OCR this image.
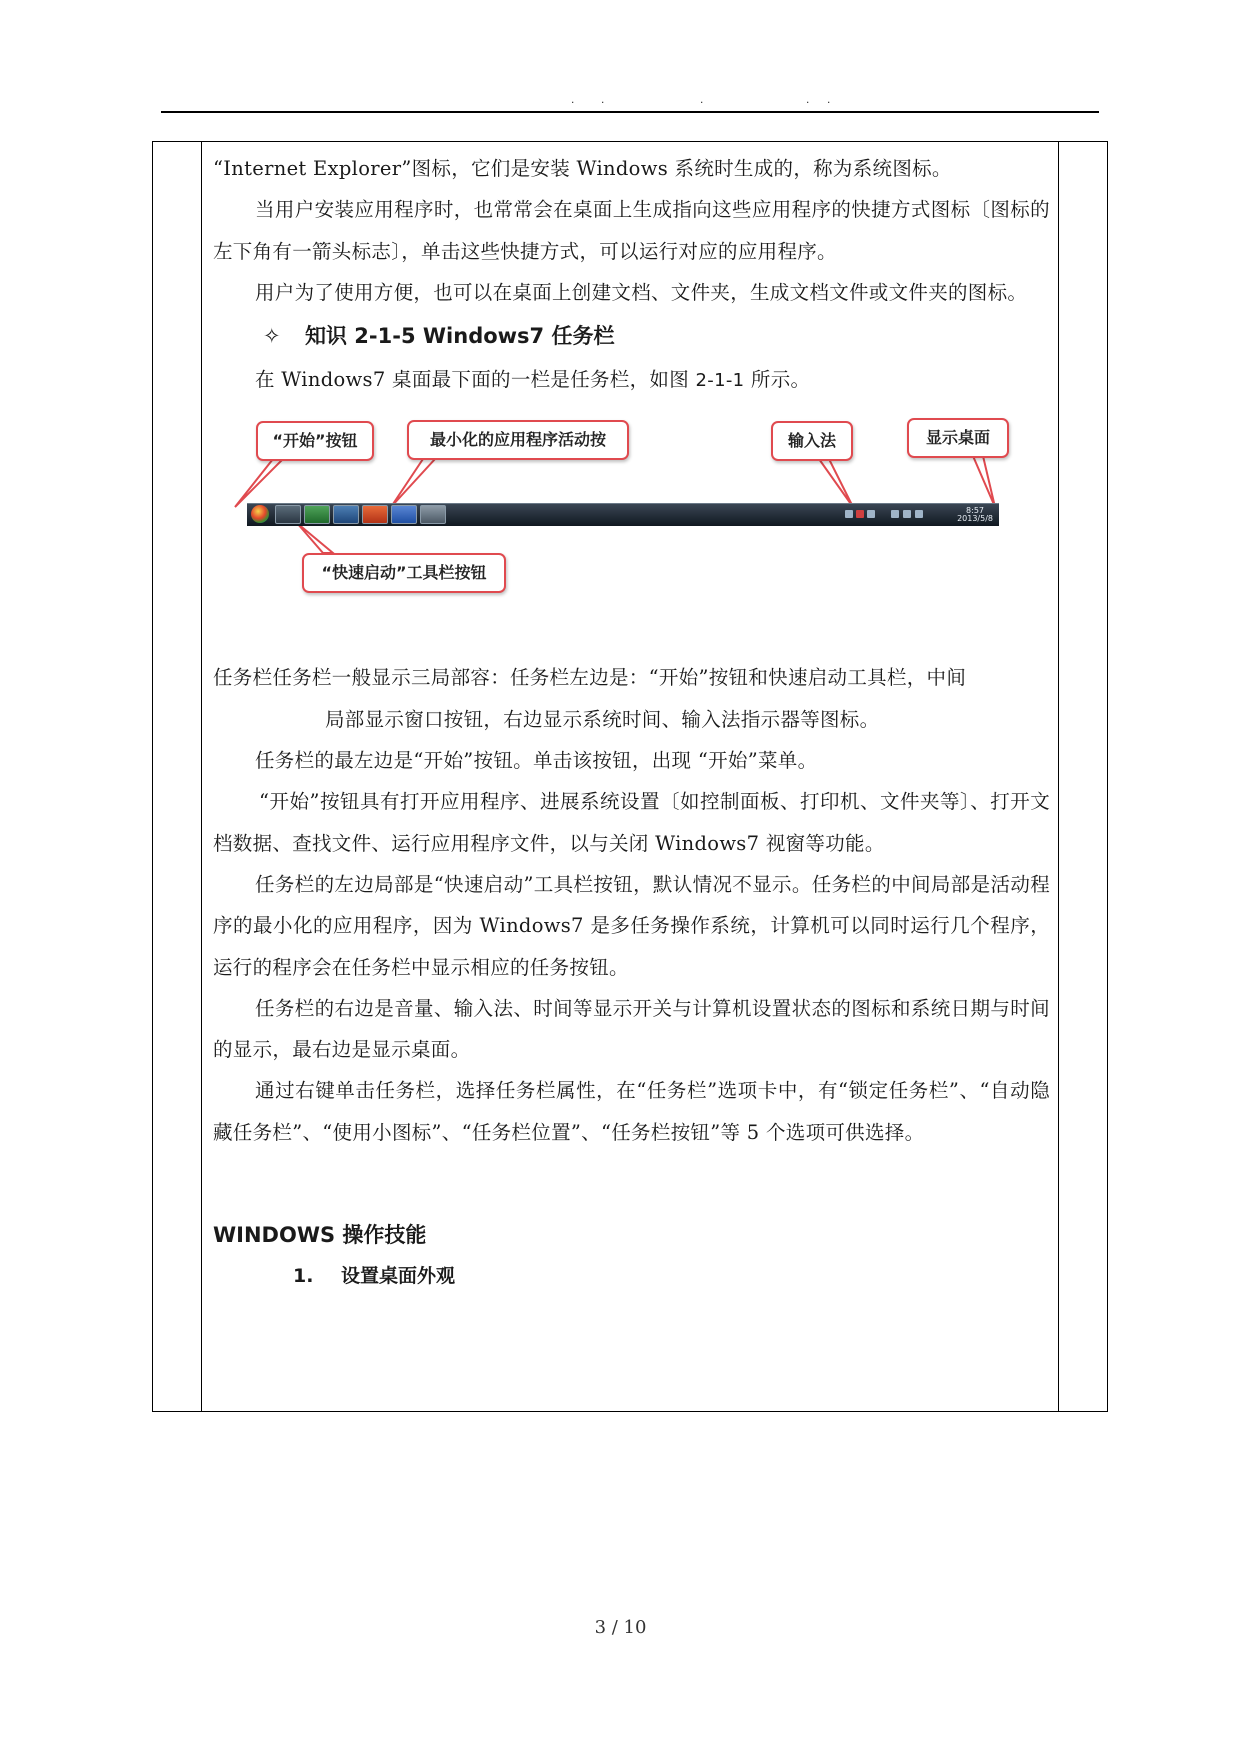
. .	.	. .

“Internet Explorer”图标，它们是安装 Windows 系统时生成的，称为系统图标。

当用户安装应用程序时，也常常会在桌面上生成指向这些应用程序的快捷方式图标〔图标的左下角有一箭头标志〕，单击这些快捷方式，可以运行对应的应用程序。

用户为了使用方便，也可以在桌面上创建文档、文件夹，生成文档文件或文件夹的图标。

✧ 知识 2-1-5 Windows7 任务栏

在 Windows7 桌面最下面的一栏是任务栏，如图 2-1-1 所示。

“开始”按钮	最小化的应用程序活动按	输入法	显示桌面
8:57
2013/5/8
“快速启动”工具栏按钮

任务栏任务栏一般显示三局部容：任务栏左边是：“开始”按钮和快速启动工具栏，中间

局部显示窗口按钮，右边显示系统时间、输入法指示器等图标。

任务栏的最左边是“开始”按钮。单击该按钮，出现 “开始”菜单。

“开始”按钮具有打开应用程序、进展系统设置〔如控制面板、打印机、文件夹等〕、打开文档数据、查找文件、运行应用程序文件，以与关闭 Windows7 视窗等功能。

任务栏的左边局部是“快速启动”工具栏按钮，默认情况不显示。任务栏的中间局部是活动程序的最小化的应用程序，因为 Windows7 是多任务操作系统，计算机可以同时运行几个程序，运行的程序会在任务栏中显示相应的任务按钮。

任务栏的右边是音量、输入法、时间等显示开关与计算机设置状态的图标和系统日期与时间的显示，最右边是显示桌面。

通过右键单击任务栏，选择任务栏属性，在“任务栏”选项卡中，有“锁定任务栏”、“自动隐藏任务栏”、“使用小图标”、“任务栏位置”、“任务栏按钮”等 5 个选项可供选择。

WINDOWS 操作技能

1. 设置桌面外观
3 / 10
